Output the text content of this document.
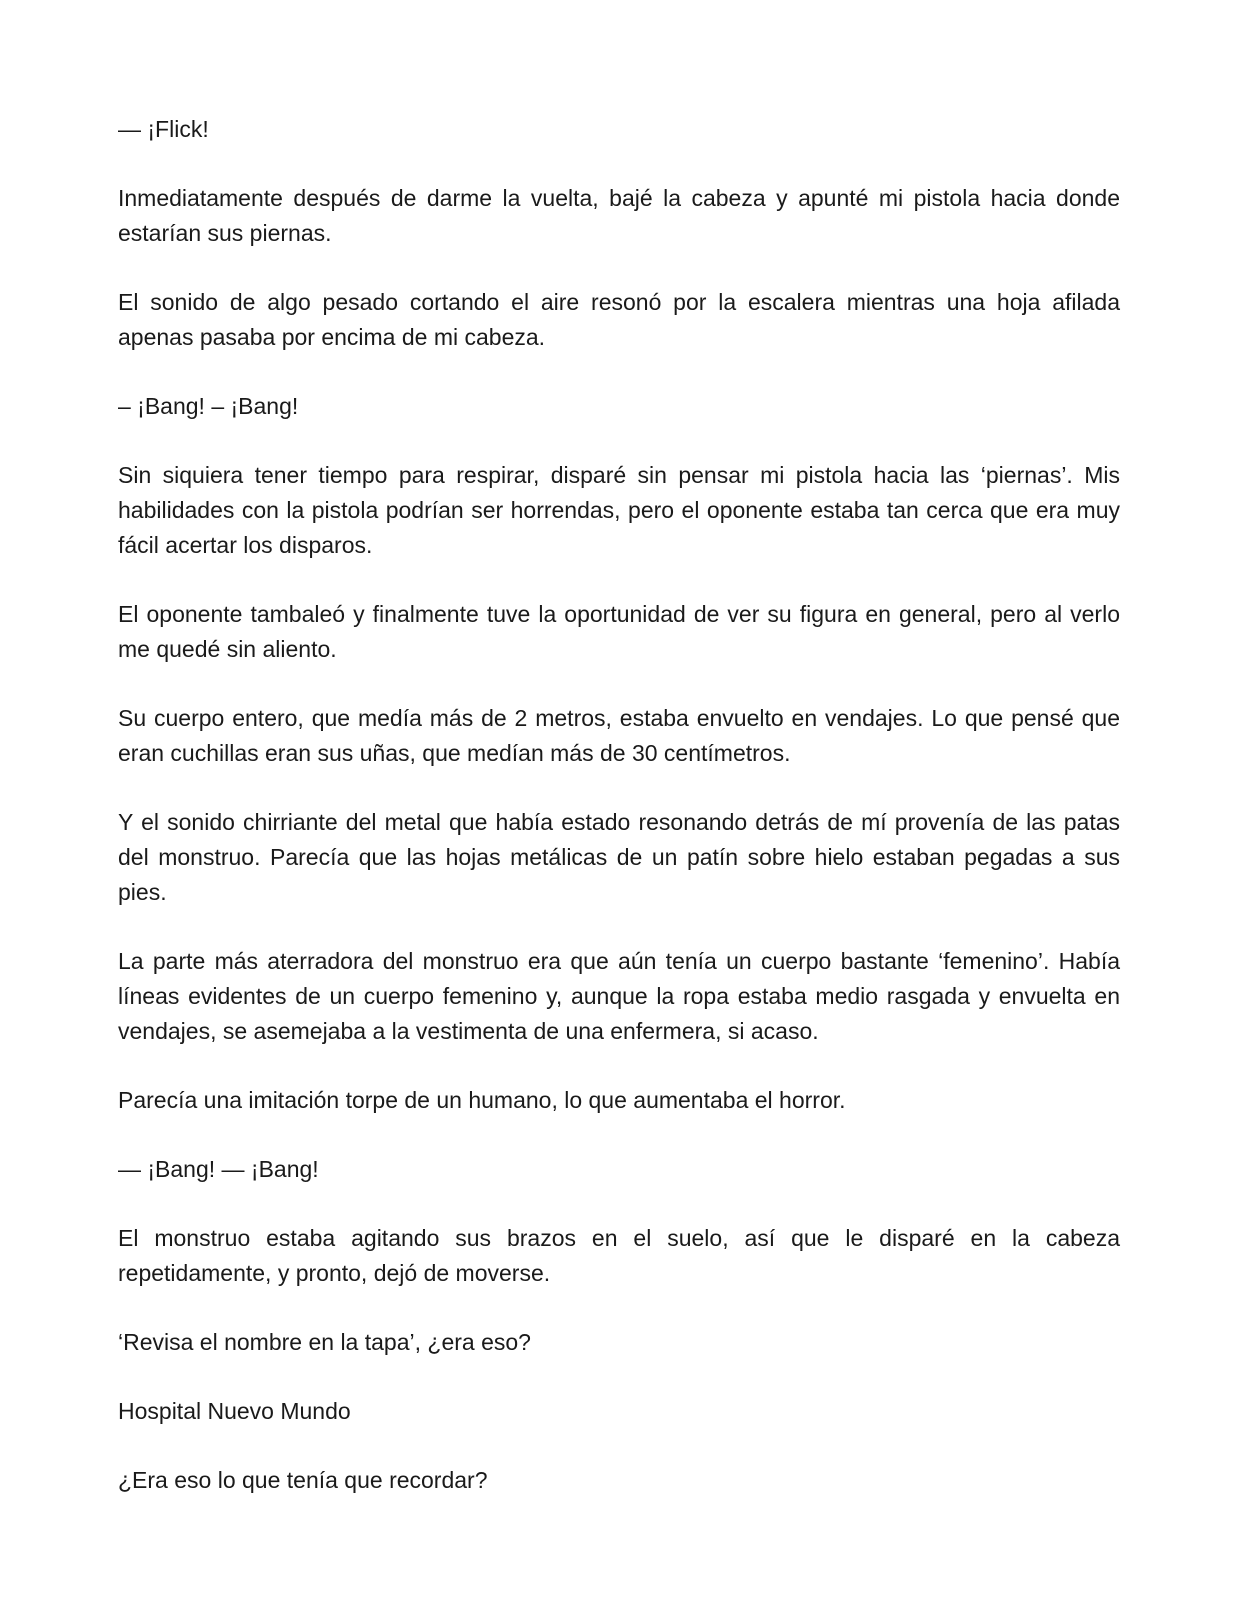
— ¡Flick!

Inmediatamente después de darme la vuelta, bajé la cabeza y apunté mi pistola hacia donde estarían sus piernas.

El sonido de algo pesado cortando el aire resonó por la escalera mientras una hoja afilada apenas pasaba por encima de mi cabeza.

– ¡Bang! – ¡Bang!

Sin siquiera tener tiempo para respirar, disparé sin pensar mi pistola hacia las ‘piernas’. Mis habilidades con la pistola podrían ser horrendas, pero el oponente estaba tan cerca que era muy fácil acertar los disparos.

El oponente tambaleó y finalmente tuve la oportunidad de ver su figura en general, pero al verlo me quedé sin aliento.

Su cuerpo entero, que medía más de 2 metros, estaba envuelto en vendajes. Lo que pensé que eran cuchillas eran sus uñas, que medían más de 30 centímetros.

Y el sonido chirriante del metal que había estado resonando detrás de mí provenía de las patas del monstruo. Parecía que las hojas metálicas de un patín sobre hielo estaban pegadas a sus pies.

La parte más aterradora del monstruo era que aún tenía un cuerpo bastante ‘femenino’. Había líneas evidentes de un cuerpo femenino y, aunque la ropa estaba medio rasgada y envuelta en vendajes, se asemejaba a la vestimenta de una enfermera, si acaso.

Parecía una imitación torpe de un humano, lo que aumentaba el horror.

— ¡Bang! — ¡Bang!

El monstruo estaba agitando sus brazos en el suelo, así que le disparé en la cabeza repetidamente, y pronto, dejó de moverse.

‘Revisa el nombre en la tapa’, ¿era eso?

Hospital Nuevo Mundo

¿Era eso lo que tenía que recordar?
